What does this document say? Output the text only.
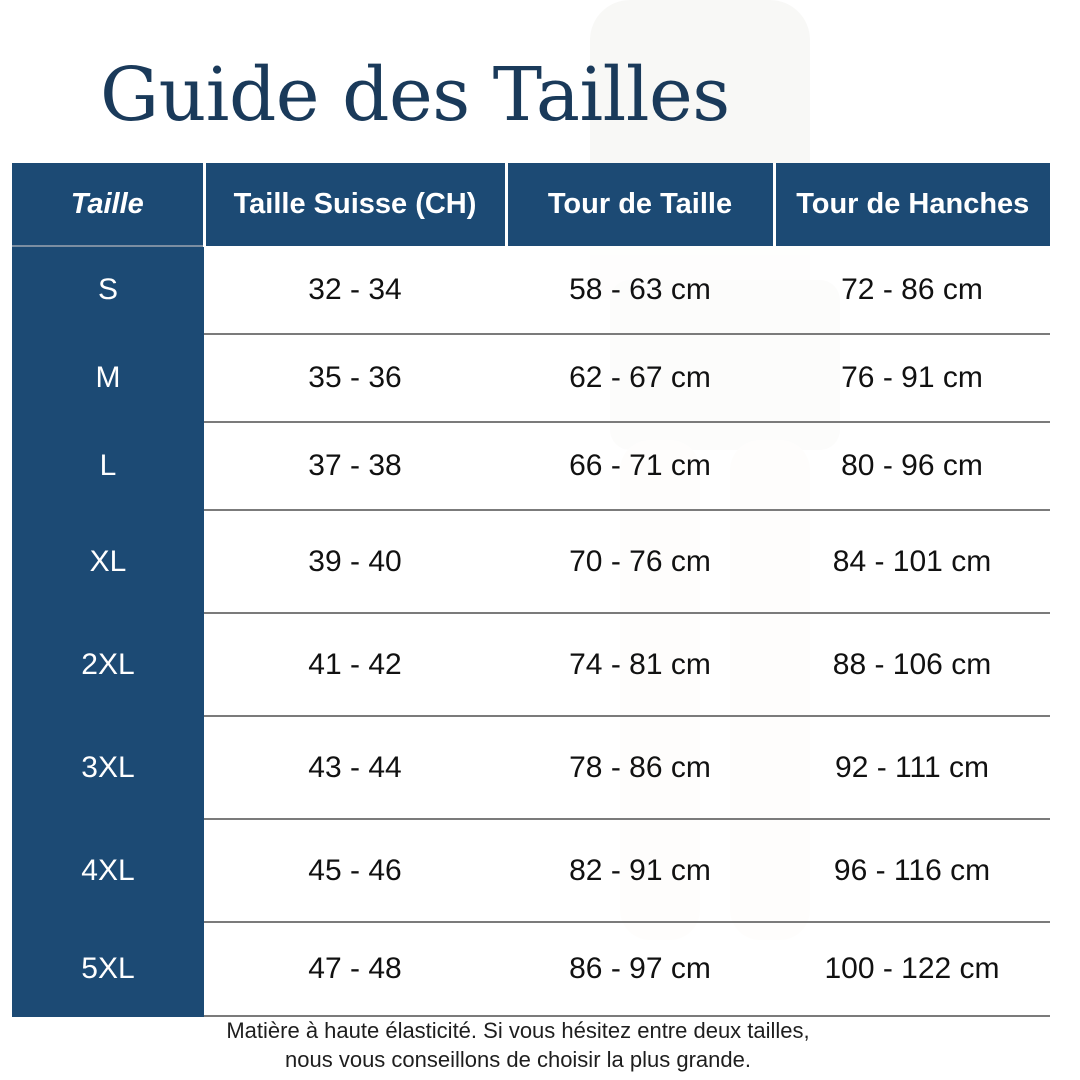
Guide des Tailles
Taille	Taille Suisse (CH)	Tour de Taille	Tour de Hanches
S	32 - 34	58 - 63 cm	72 - 86 cm
M	35 - 36	62 - 67 cm	76 - 91 cm
L	37 - 38	66 - 71 cm	80 - 96 cm
XL	39 - 40	70 - 76 cm	84 - 101 cm
2XL	41 - 42	74 - 81 cm	88 - 106 cm
3XL	43 - 44	78 - 86 cm	92 - 111 cm
4XL	45 - 46	82 - 91 cm	96 - 116 cm
5XL	47 - 48	86 - 97 cm	100 - 122 cm

Matière à haute élasticité. Si vous hésitez entre deux tailles,
nous vous conseillons de choisir la plus grande.
